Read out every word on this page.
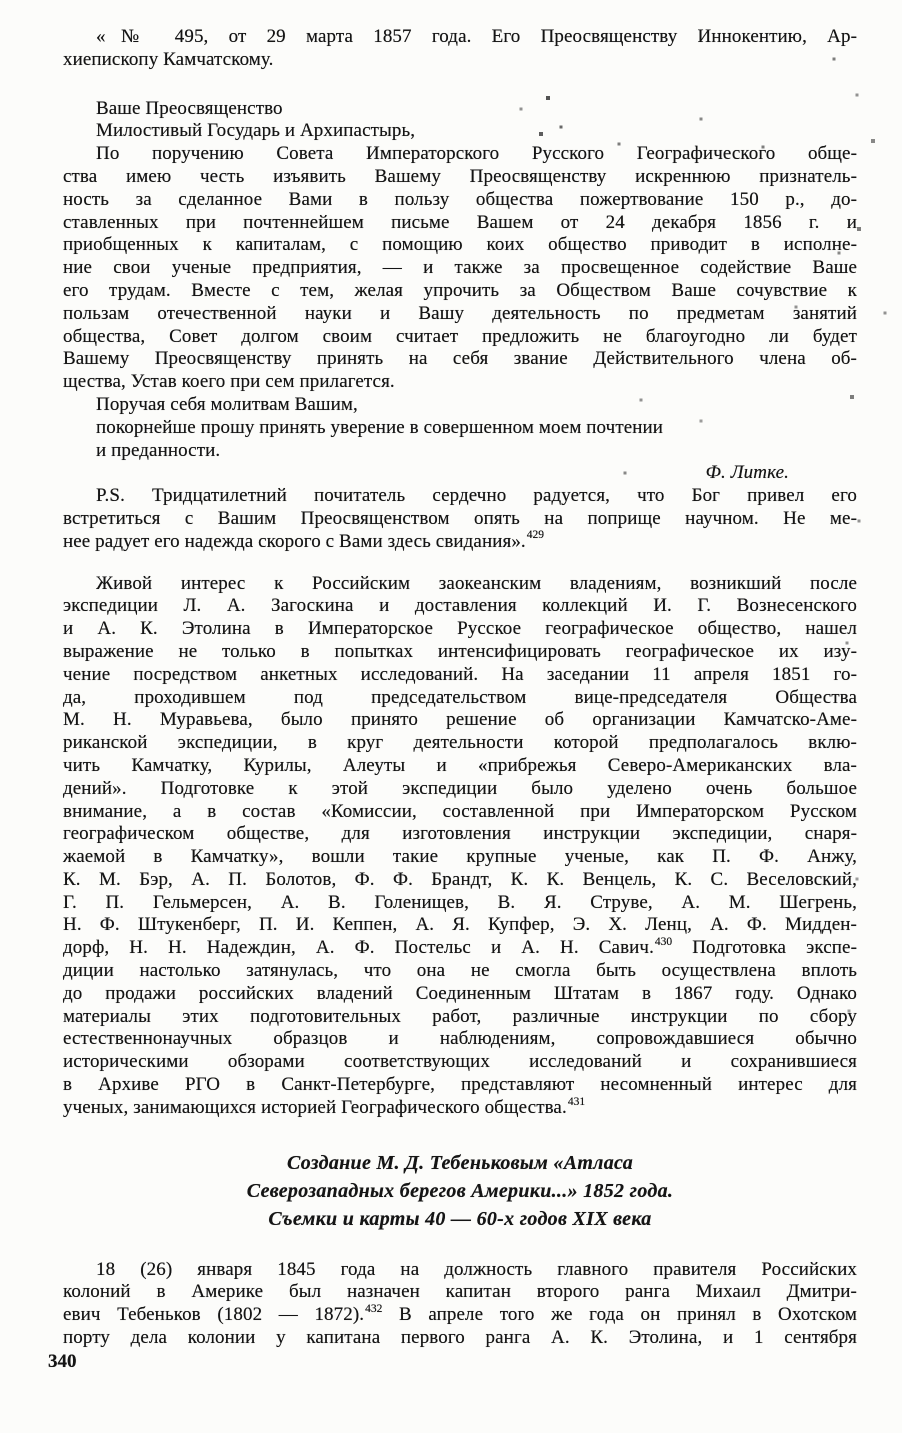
«№ 495, от 29 марта 1857 года. Его Преосвященству Иннокентию, Ар-
хиепископу Камчатскому.
Ваше Преосвященство
Милостивый Государь и Архипастырь,
По поручению Совета Императорского Русского Географического обще-
ства имею честь изъявить Вашему Преосвященству искреннюю признатель-
ность за сделанное Вами в пользу общества пожертвование 150 р., до-
ставленных при почтеннейшем письме Вашем от 24 декабря 1856 г. и
приобщенных к капиталам, с помощию коих общество приводит в исполне-
ние свои ученые предприятия, — и также за просвещенное содействие Ваше
его трудам. Вместе с тем, желая упрочить за Обществом Ваше сочувствие к
пользам отечественной науки и Вашу деятельность по предметам занятий
общества, Совет долгом своим считает предложить не благоугодно ли будет
Вашему Преосвященству принять на себя звание Действительного члена об-
щества, Устав коего при сем прилагется.
Поручая себя молитвам Вашим,
покорнейше прошу принять уверение в совершенном моем почтении
и преданности.
Ф. Литке.
P.S. Тридцатилетний почитатель сердечно радуется, что Бог привел его
встретиться с Вашим Преосвященством опять на поприще научном. Не ме-
нее радует его надежда скорого с Вами здесь свидания».$^{429}$
Живой интерес к Российским заокеанским владениям, возникший после
экспедиции Л. А. Загоскина и доставления коллекций И. Г. Вознесенского
и А. К. Этолина в Императорское Русское географическое общество, нашел
выражение не только в попытках интенсифицировать географическое их изу-
чение посредством анкетных исследований. На заседании 11 апреля 1851 го-
да, проходившем под председательством вице-председателя Общества
М. Н. Муравьева, было принято решение об организации Камчатско-Аме-
риканской экспедиции, в круг деятельности которой предполагалось вклю-
чить Камчатку, Курилы, Алеуты и «прибрежья Северо-Американских вла-
дений». Подготовке к этой экспедиции было уделено очень большое
внимание, а в состав «Комиссии, составленной при Императорском Русском
географическом обществе, для изготовления инструкции экспедиции, снаря-
жаемой в Камчатку», вошли такие крупные ученые, как П. Ф. Анжу,
К. М. Бэр, А. П. Болотов, Ф. Ф. Брандт, К. К. Венцель, К. С. Веселовский,
Г. П. Гельмерсен, А. В. Голенищев, В. Я. Струве, А. М. Шегрень,
Н. Ф. Штукенберг, П. И. Кеппен, А. Я. Купфер, Э. Х. Ленц, А. Ф. Мидден-
дорф, Н. Н. Надеждин, А. Ф. Постельс и А. Н. Савич.$^{430}$ Подготовка экспе-
диции настолько затянулась, что она не смогла быть осуществлена вплоть
до продажи российских владений Соединенным Штатам в 1867 году. Однако
материалы этих подготовительных работ, различные инструкции по сбору
естественнонаучных образцов и наблюдениям, сопровождавшиеся обычно
историческими обзорами соответствующих исследований и сохранившиеся
в Архиве РГО в Санкт-Петербурге, представляют несомненный интерес для
ученых, занимающихся историей Географического общества.$^{431}$
Создание М. Д. Тебеньковым «Атласа
Северозападных берегов Америки...» 1852 года.
Съемки и карты 40 — 60-х годов XIX века
18 (26) января 1845 года на должность главного правителя Российских
колоний в Америке был назначен капитан второго ранга Михаил Дмитри-
евич Тебеньков (1802 — 1872).$^{432}$ В апреле того же года он принял в Охотском
порту дела колонии у капитана первого ранга А. К. Этолина, и 1 сентября
340
